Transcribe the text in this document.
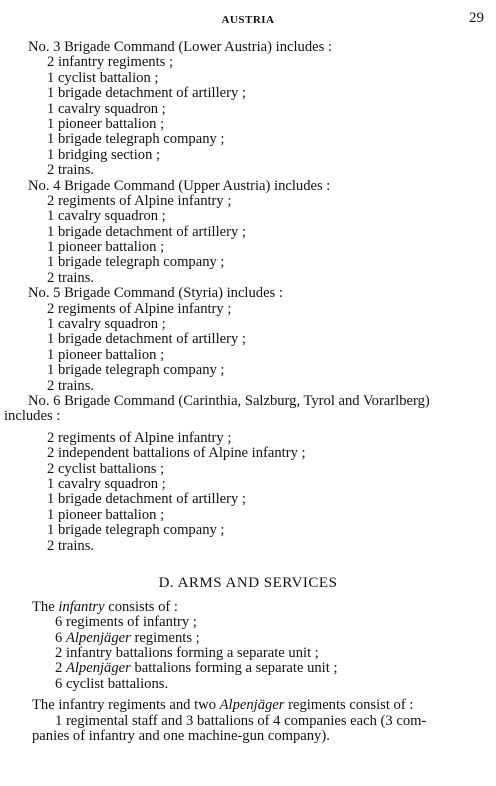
AUSTRIA	29
No. 3 Brigade Command (Lower Austria) includes :
2 infantry regiments ;
1 cyclist battalion ;
1 brigade detachment of artillery ;
1 cavalry squadron ;
1 pioneer battalion ;
1 brigade telegraph company ;
1 bridging section ;
2 trains.
No. 4 Brigade Command (Upper Austria) includes :
2 regiments of Alpine infantry ;
1 cavalry squadron ;
1 brigade detachment of artillery ;
1 pioneer battalion ;
1 brigade telegraph company ;
2 trains.
No. 5 Brigade Command (Styria) includes :
2 regiments of Alpine infantry ;
1 cavalry squadron ;
1 brigade detachment of artillery ;
1 pioneer battalion ;
1 brigade telegraph company ;
2 trains.
No. 6 Brigade Command (Carinthia, Salzburg, Tyrol and Vorarlberg)
includes :
2 regiments of Alpine infantry ;
2 independent battalions of Alpine infantry ;
2 cyclist battalions ;
1 cavalry squadron ;
1 brigade detachment of artillery ;
1 pioneer battalion ;
1 brigade telegraph company ;
2 trains.
D. ARMS AND SERVICES
The infantry consists of :
6 regiments of infantry ;
6 Alpenjäger regiments ;
2 infantry battalions forming a separate unit ;
2 Alpenjäger battalions forming a separate unit ;
6 cyclist battalions.
The infantry regiments and two Alpenjäger regiments consist of :
1 regimental staff and 3 battalions of 4 companies each (3 com-
panies of infantry and one machine-gun company).
